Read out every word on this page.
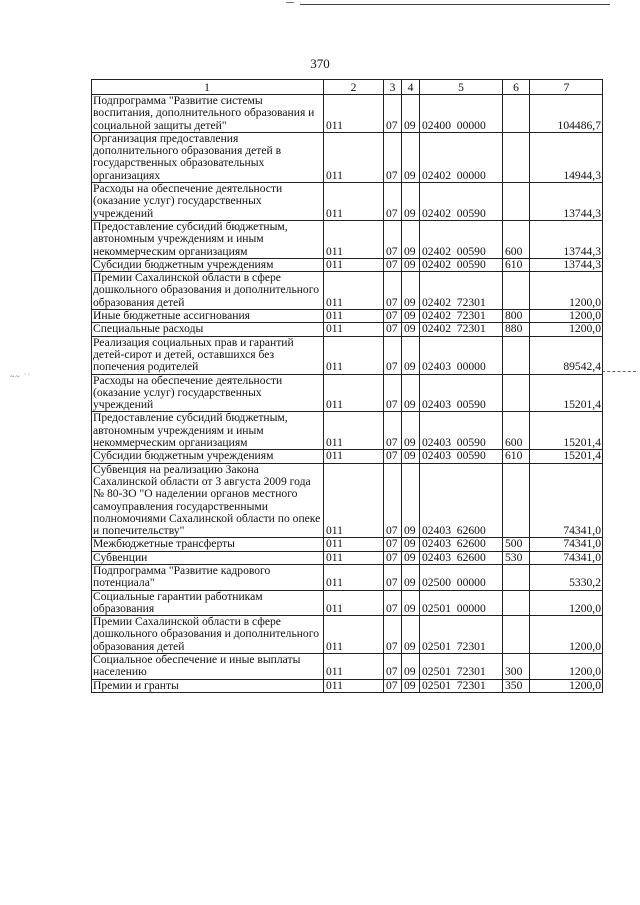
370
~~ ˙˙
1	2	3	4	5	6	7
Подпрограмма "Развитие системы воспитания, дополнительного образования и социальной защиты детей"	011	07	09	02400  00000		104486,7
Организация предоставления дополнительного образования детей в государственных образовательных организациях	011	07	09	02402  00000		14944,3
Расходы на обеспечение деятельности (оказание услуг) государственных учреждений	011	07	09	02402  00590		13744,3
Предоставление субсидий бюджетным, автономным учреждениям и иным некоммерческим организациям	011	07	09	02402  00590	600	13744,3
Субсидии бюджетным учреждениям	011	07	09	02402  00590	610	13744,3
Премии Сахалинской области в сфере дошкольного образования и дополнительного образования детей	011	07	09	02402  72301		1200,0
Иные бюджетные ассигнования	011	07	09	02402  72301	800	1200,0
Специальные расходы	011	07	09	02402  72301	880	1200,0
Реализация социальных прав и гарантий детей-сирот и детей, оставшихся без попечения родителей	011	07	09	02403  00000		89542,4
Расходы на обеспечение деятельности (оказание услуг) государственных учреждений	011	07	09	02403  00590		15201,4
Предоставление субсидий бюджетным, автономным учреждениям и иным некоммерческим организациям	011	07	09	02403  00590	600	15201,4
Субсидии бюджетным учреждениям	011	07	09	02403  00590	610	15201,4
Субвенция на реализацию Закона Сахалинской области от 3 августа 2009 года № 80-ЗО "О наделении органов местного самоуправления государственными полномочиями Сахалинской области по опеке и попечительству"	011	07	09	02403  62600		74341,0
Межбюджетные трансферты	011	07	09	02403  62600	500	74341,0
Субвенции	011	07	09	02403  62600	530	74341,0
Подпрограмма "Развитие кадрового потенциала"	011	07	09	02500  00000		5330,2
Социальные гарантии работникам образования	011	07	09	02501  00000		1200,0
Премии Сахалинской области в сфере дошкольного образования и дополнительного образования детей	011	07	09	02501  72301		1200,0
Социальное обеспечение и иные выплаты населению	011	07	09	02501  72301	300	1200,0
Премии и гранты	011	07	09	02501  72301	350	1200,0
